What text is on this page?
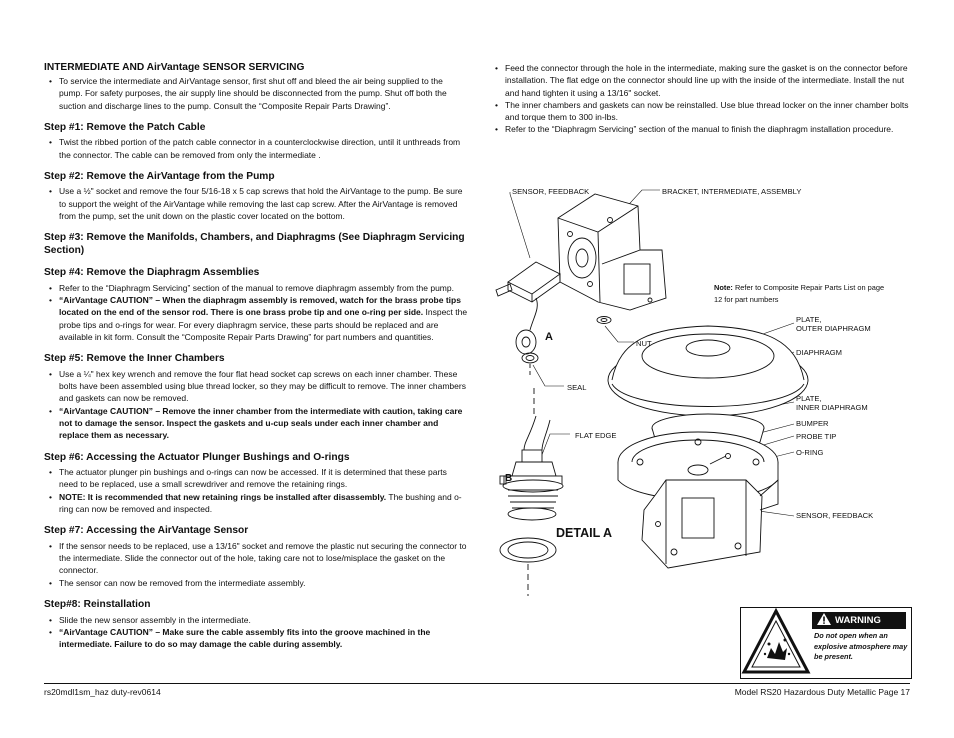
INTERMEDIATE AND AirVantage SENSOR SERVICING
• To service the intermediate and AirVantage sensor, first shut off and bleed the air being supplied to the pump. For safety purposes, the air supply line should be disconnected from the pump. Shut off both the suction and discharge lines to the pump. Consult the “Composite Repair Parts Drawing”.
Step #1: Remove the Patch Cable
• Twist the ribbed portion of the patch cable connector in a counterclockwise direction, until it unthreads from the connector. The cable can be removed from only the intermediate .
Step #2: Remove the AirVantage from the Pump
• Use a ½" socket and remove the four 5/16-18 x 5 cap screws that hold the AirVantage to the pump. Be sure to support the weight of the AirVantage while removing the last cap screw. After the AirVantage is removed from the pump, set the unit down on the plastic cover located on the bottom.
Step #3: Remove the Manifolds, Chambers, and Diaphragms (See Diaphragm Servicing Section)
Step #4: Remove the Diaphragm Assemblies
• Refer to the “Diaphragm Servicing” section of the manual to remove diaphragm assembly from the pump.
• “AirVantage CAUTION” – When the diaphragm assembly is removed, watch for the brass probe tips located on the end of the sensor rod. There is one brass probe tip and one o-ring per side. Inspect the probe tips and o-rings for wear. For every diaphragm service, these parts should be replaced and are available in kit form. Consult the “Composite Repair Parts Drawing” for part numbers and quantities.
Step #5: Remove the Inner Chambers
• Use a ¼" hex key wrench and remove the four flat head socket cap screws on each inner chamber. These bolts have been assembled using blue thread locker, so they may be difficult to remove. The inner chambers and gaskets can now be removed.
• “AirVantage CAUTION” – Remove the inner chamber from the intermediate with caution, taking care not to damage the sensor. Inspect the gaskets and u-cup seals under each inner chamber and replace them as necessary.
Step #6: Accessing the Actuator Plunger Bushings and O-rings
• The actuator plunger pin bushings and o-rings can now be accessed. If it is determined that these parts need to be replaced, use a small screwdriver and remove the retaining rings.
• NOTE: It is recommended that new retaining rings be installed after disassembly. The bushing and o-ring can now be removed and inspected.
Step #7: Accessing the AirVantage Sensor
• If the sensor needs to be replaced, use a 13/16" socket and remove the plastic nut securing the connector to the intermediate. Slide the connector out of the hole, taking care not to lose/misplace the gasket on the connector.
• The sensor can now be removed from the intermediate assembly.
Step#8: Reinstallation
• Slide the new sensor assembly in the intermediate.
• “AirVantage CAUTION” – Make sure the cable assembly fits into the groove machined in the intermediate. Failure to do so may damage the cable during assembly.
• Feed the connector through the hole in the intermediate, making sure the gasket is on the connector before installation. The flat edge on the connector should line up with the inside of the intermediate. Install the nut and hand tighten it using a 13/16" socket.
• The inner chambers and gaskets can now be reinstalled. Use blue thread locker on the inner chamber bolts and torque them to 300 in-lbs.
• Refer to the “Diaphragm Servicing” section of the manual to finish the diaphragm installation procedure.
SENSOR, FEEDBACK	BRACKET, INTERMEDIATE, ASSEMBLY
NUT
SEAL
FLAT EDGE
PLATE,
OUTER DIAPHRAGM
DIAPHRAGM
PLATE,
INNER DIAPHRAGM
BUMPER
PROBE TIP
O-RING
SENSOR, FEEDBACK
A
B
DETAIL A
Note: Refer to Composite Repair Parts List on page 12 for part numbers
WARNING
Do not open when an explosive atmosphere may be present.
rs20mdl1sm_haz duty-rev0614	Model RS20 Hazardous Duty Metallic Page 17
